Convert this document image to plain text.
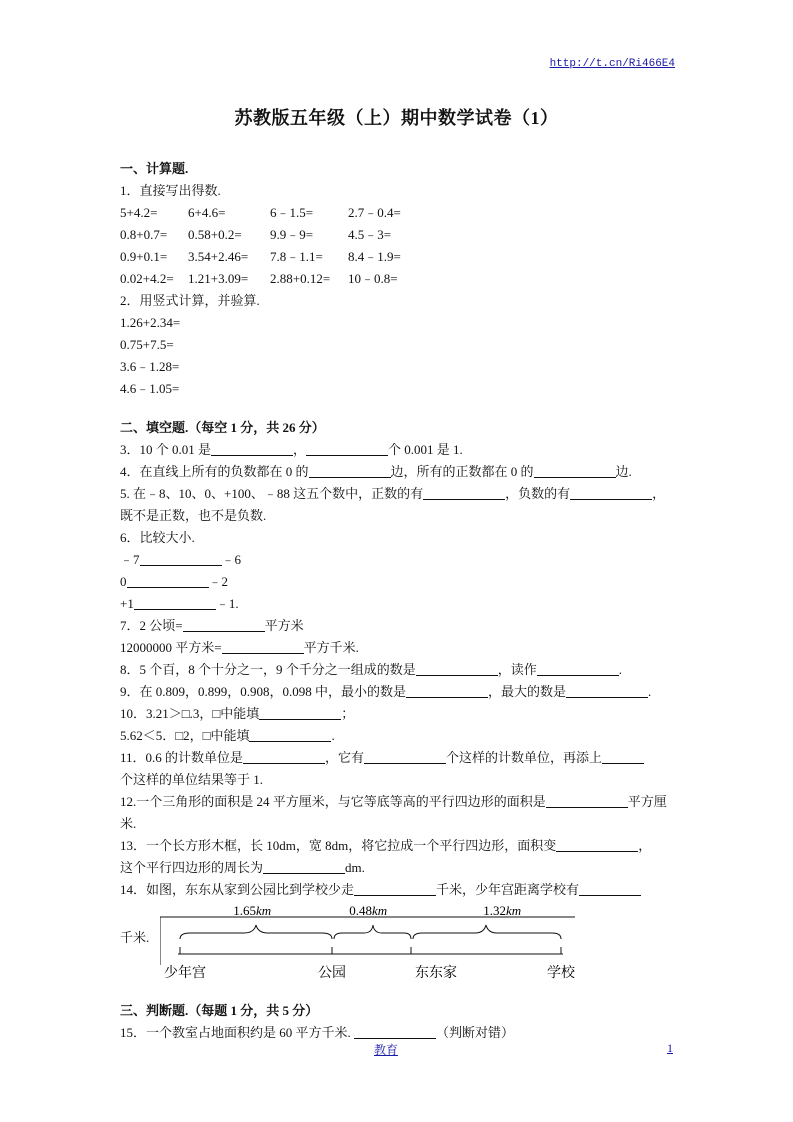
http://t.cn/Ri466E4
苏教版五年级（上）期中数学试卷（1）
一、计算题.
1．直接写出得数.
5+4.2=	6+4.6=	6﹣1.5=	2.7﹣0.4=
0.8+0.7=	0.58+0.2=	9.9﹣9=	4.5﹣3=
0.9+0.1=	3.54+2.46=	7.8﹣1.1=	8.4﹣1.9=
0.02+4.2=	1.21+3.09=	2.88+0.12=	10﹣0.8=
2．用竖式计算，并验算.
1.26+2.34=
0.75+7.5=
3.6﹣1.28=
4.6﹣1.05=
二、填空题.（每空 1 分，共 26 分）
3．10 个 0.01 是	，	个 0.001 是 1.
4．在直线上所有的负数都在 0 的	边，所有的正数都在 0 的	边.
5. 在﹣8、10、0、+100、﹣88 这五个数中，正数的有	，负数的有	，
既不是正数，也不是负数.
6．比较大小.
﹣7	﹣6
0	﹣2
+1	﹣1.
7．2 公顷=	平方米
12000000 平方米=	平方千米.
8．5 个百，8 个十分之一，9 个千分之一组成的数是	，读作	.
9．在 0.809，0.899，0.908，0.098 中，最小的数是	，最大的数是	.
10．3.21＞□.3，□中能填	；
5.62＜5．□2，□中能填	.
11．0.6 的计数单位是	，它有	个这样的计数单位，再添上
个这样的单位结果等于 1.
12.一个三角形的面积是 24 平方厘米，与它等底等高的平行四边形的面积是	平方厘米.
13．一个长方形木框，长 10dm，宽 8dm，将它拉成一个平行四边形，面积变	，
这个平行四边形的周长为	dm.
14．如图，东东从家到公园比到学校少走	千米，少年宫距离学校有
千米.
1.65 km	0.48 km	1.32 km
少年宫	公园	东东家	学校
三、判断题.（每题 1 分，共 5 分）
15．一个教室占地面积约是 60 平方千米.	（判断对错）
教育	1
